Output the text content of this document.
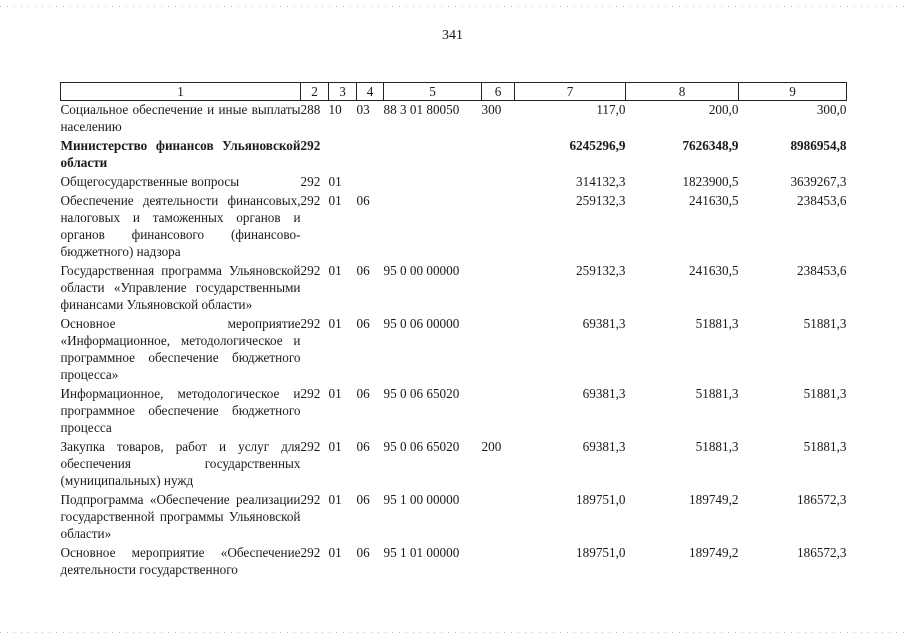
341
1	2	3	4	5	6	7	8	9
Социальное обеспечение и иные выплаты населению	288	10	03	88 3 01 80050	300	117,0	200,0	300,0
Министерство финансов Ульяновской области	292					6245296,9	7626348,9	8986954,8
Общегосударственные вопросы	292	01				314132,3	1823900,5	3639267,3
Обеспечение деятельности финансовых, налоговых и таможенных органов и органов финансового (финансово-бюджетного) надзора	292	01	06			259132,3	241630,5	238453,6
Государственная программа Ульяновской области «Управление государственными финансами Ульяновской области»	292	01	06	95 0 00 00000		259132,3	241630,5	238453,6
Основное мероприятие «Информационное, методологическое и программное обеспечение бюджетного процесса»	292	01	06	95 0 06 00000		69381,3	51881,3	51881,3
Информационное, методологическое и программное обеспечение бюджетного процесса	292	01	06	95 0 06 65020		69381,3	51881,3	51881,3
Закупка товаров, работ и услуг для обеспечения государственных (муниципальных) нужд	292	01	06	95 0 06 65020	200	69381,3	51881,3	51881,3
Подпрограмма «Обеспечение реализации государственной программы Ульяновской области»	292	01	06	95 1 00 00000		189751,0	189749,2	186572,3
Основное мероприятие «Обеспечение деятельности государственного	292	01	06	95 1 01 00000		189751,0	189749,2	186572,3
